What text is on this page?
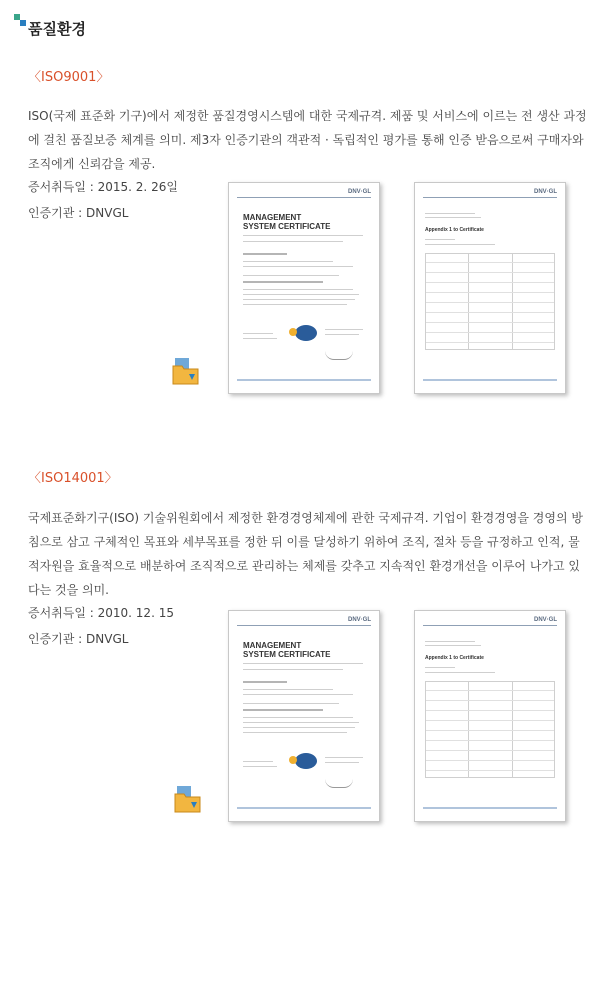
품질환경
〈ISO9001〉
ISO(국제 표준화 기구)에서 제정한 품질경영시스템에 대한 국제규격. 제품 및 서비스에 이르는 전 생산 과정에 걸친 품질보증 체계를 의미. 제3자 인증기관의 객관적 · 독립적인 평가를 통해 인증 받음으로써 구매자와 조직에게 신뢰감을 제공.
증서취득일 : 2015. 2. 26일
인증기관 : DNVGL
DNV·GL
MANAGEMENT
SYSTEM CERTIFICATE
DNV·GL
Appendix 1 to Certificate
〈ISO14001〉
국제표준화기구(ISO) 기술위원회에서 제정한 환경경영체제에 관한 국제규격. 기업이 환경경영을 경영의 방침으로 삼고 구체적인 목표와 세부목표를 정한 뒤 이를 달성하기 위하여 조직, 절차 등을 규정하고 인적, 물적자원을 효율적으로 배분하여 조직적으로 관리하는 체제를 갖추고 지속적인 환경개선을 이루어 나가고 있다는 것을 의미.
증서취득일 : 2010. 12. 15
인증기관 : DNVGL
DNV·GL
MANAGEMENT
SYSTEM CERTIFICATE
DNV·GL
Appendix 1 to Certificate
